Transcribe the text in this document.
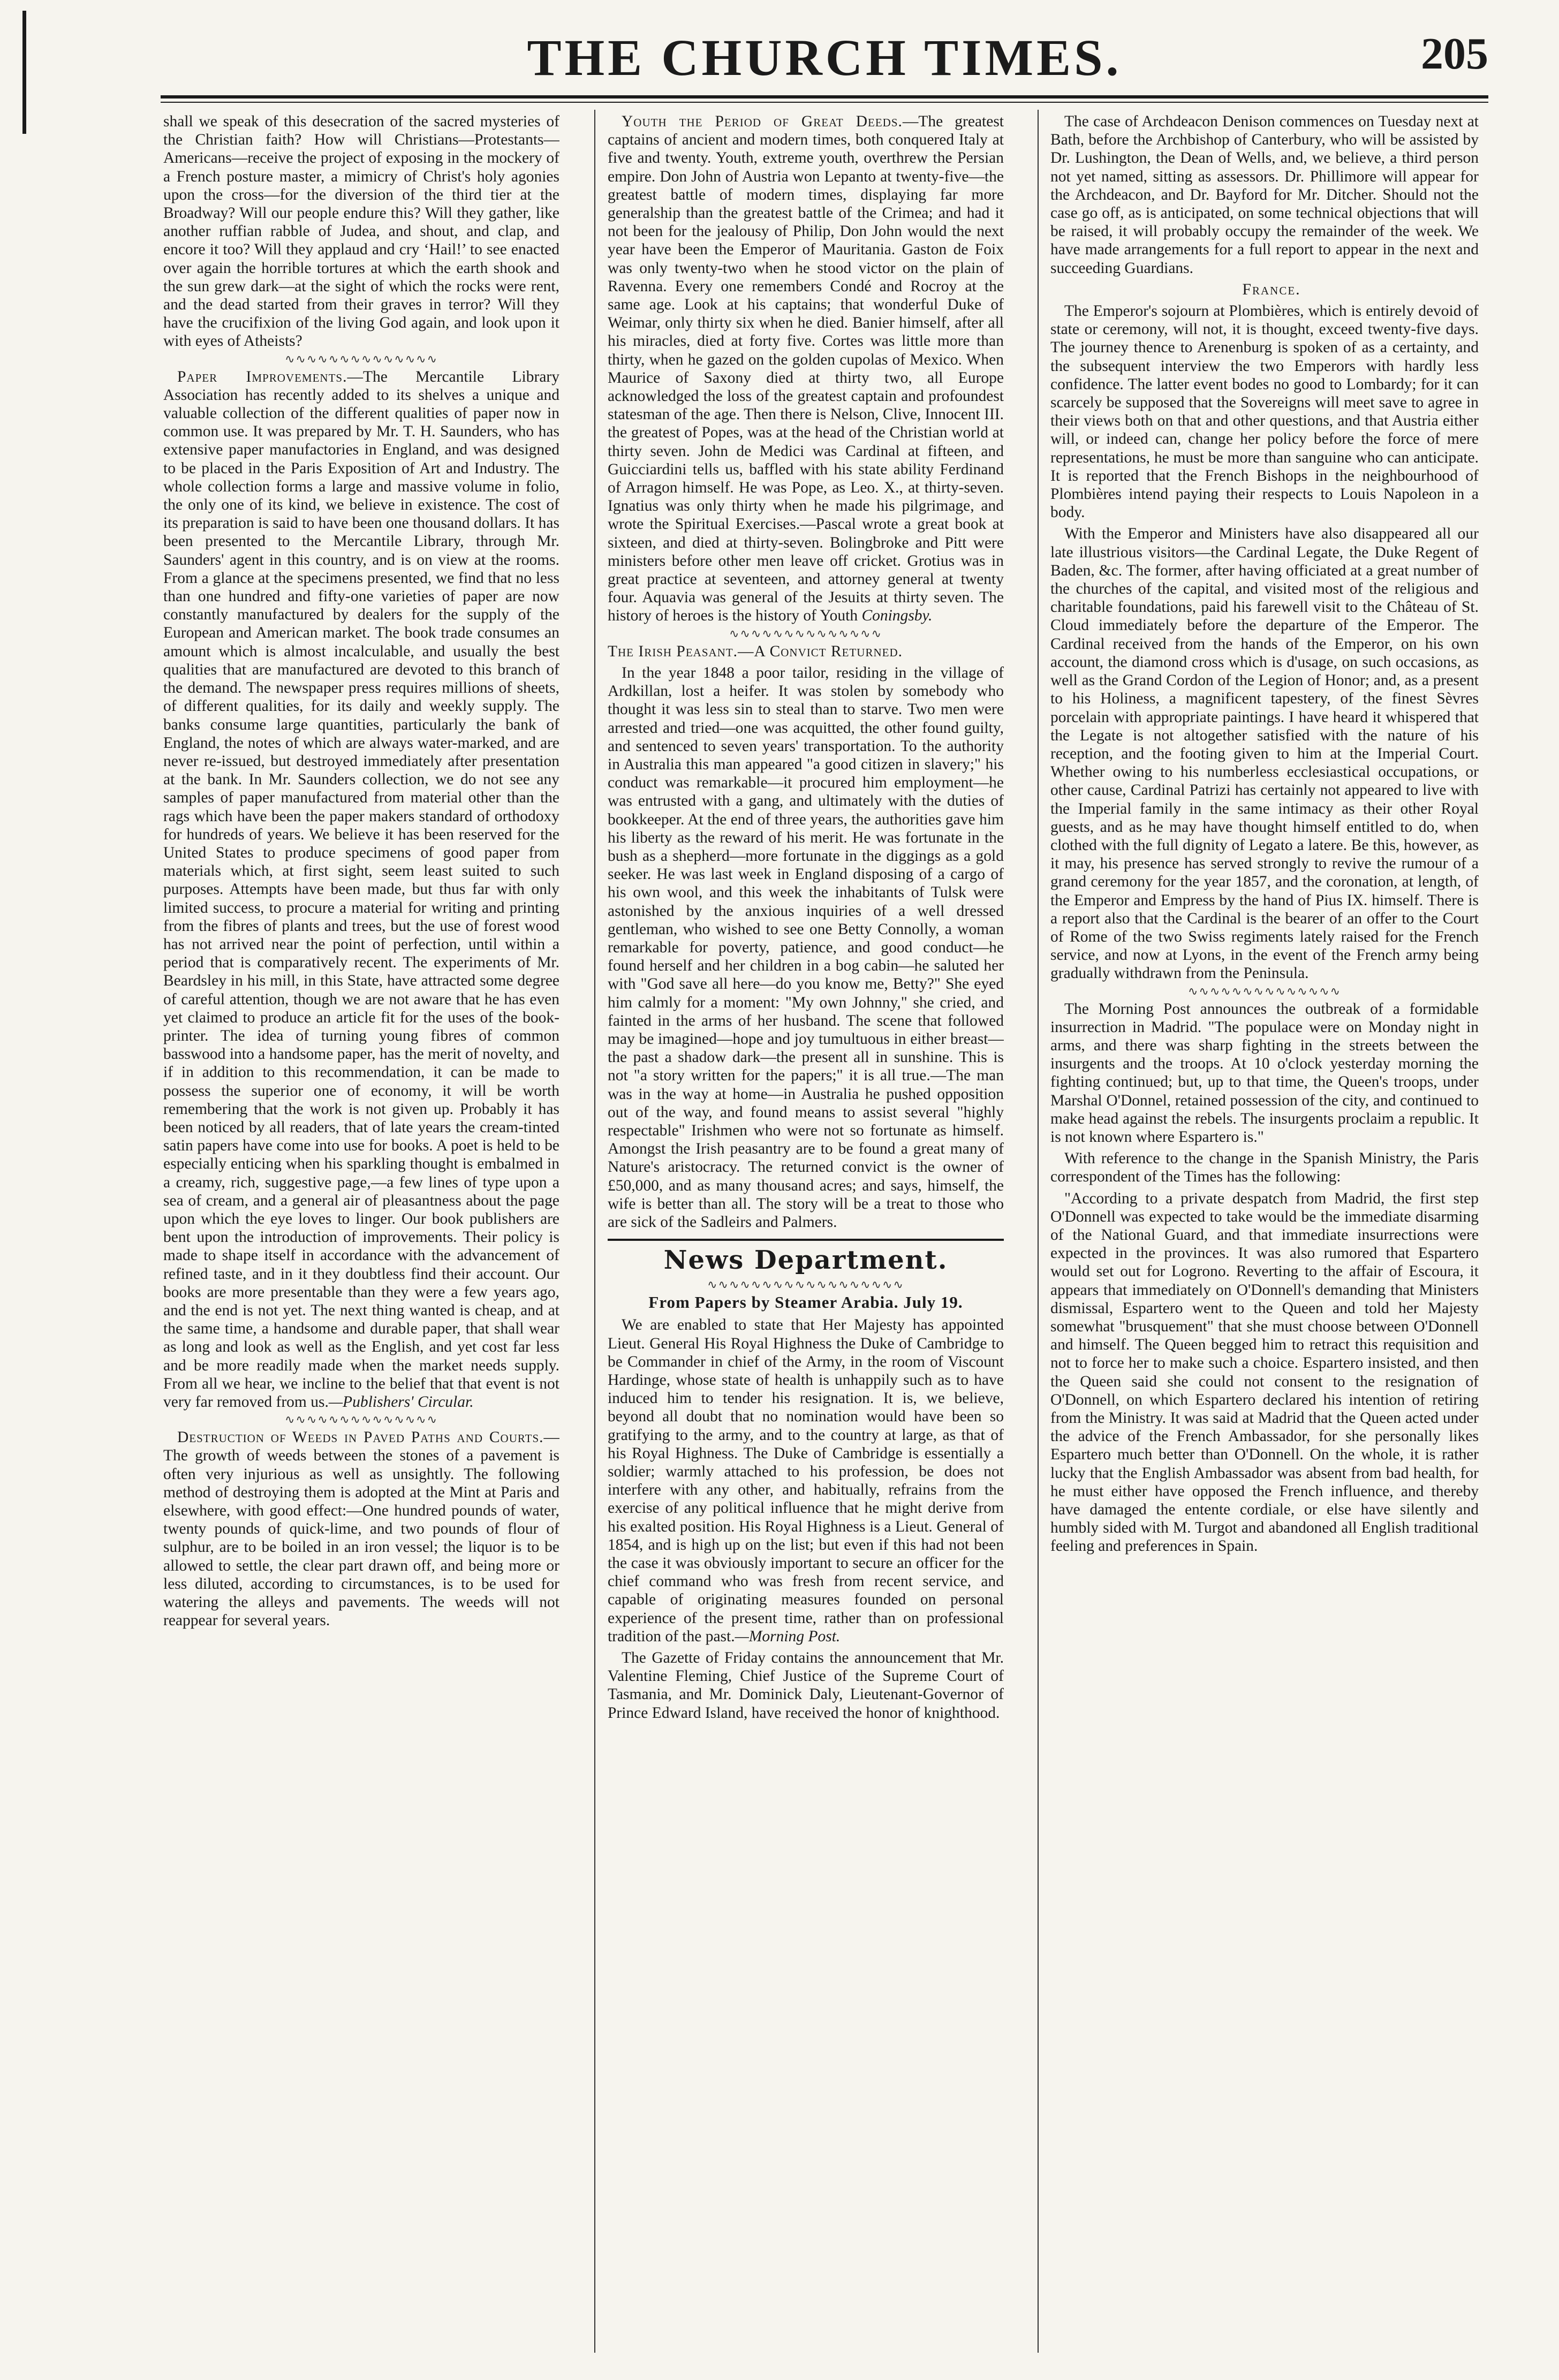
THE CHURCH TIMES.	205

shall we speak of this desecration of the sacred mysteries of the Christian faith? How will Christians—Protestants—Americans—receive the project of exposing in the mockery of a French posture master, a mimicry of Christ's holy agonies upon the cross—for the diversion of the third tier at the Broadway? Will our people endure this? Will they gather, like another ruffian rabble of Judea, and shout, and clap, and encore it too? Will they applaud and cry ‘Hail!’ to see enacted over again the horrible tortures at which the earth shook and the sun grew dark—at the sight of which the rocks were rent, and the dead started from their graves in terror? Will they have the crucifixion of the living God again, and look upon it with eyes of Atheists?

∿∿∿∿∿∿∿∿∿∿∿∿∿∿

Paper Improvements.—The Mercantile Library Association has recently added to its shelves a unique and valuable collection of the different qualities of paper now in common use. It was prepared by Mr. T. H. Saunders, who has extensive paper manufactories in England, and was designed to be placed in the Paris Exposition of Art and Industry. The whole collection forms a large and massive volume in folio, the only one of its kind, we believe in existence. The cost of its preparation is said to have been one thousand dollars. It has been presented to the Mercantile Library, through Mr. Saunders' agent in this country, and is on view at the rooms. From a glance at the specimens presented, we find that no less than one hundred and fifty-one varieties of paper are now constantly manufactured by dealers for the supply of the European and American market. The book trade consumes an amount which is almost incalculable, and usually the best qualities that are manufactured are devoted to this branch of the demand. The newspaper press requires millions of sheets, of different qualities, for its daily and weekly supply. The banks consume large quantities, particularly the bank of England, the notes of which are always water-marked, and are never re-issued, but destroyed immediately after presentation at the bank. In Mr. Saunders collection, we do not see any samples of paper manufactured from material other than the rags which have been the paper makers standard of orthodoxy for hundreds of years. We believe it has been reserved for the United States to produce specimens of good paper from materials which, at first sight, seem least suited to such purposes. Attempts have been made, but thus far with only limited success, to procure a material for writing and printing from the fibres of plants and trees, but the use of forest wood has not arrived near the point of perfection, until within a period that is comparatively recent. The experiments of Mr. Beardsley in his mill, in this State, have attracted some degree of careful attention, though we are not aware that he has even yet claimed to produce an article fit for the uses of the book-printer. The idea of turning young fibres of common basswood into a handsome paper, has the merit of novelty, and if in addition to this recommendation, it can be made to possess the superior one of economy, it will be worth remembering that the work is not given up. Probably it has been noticed by all readers, that of late years the cream-tinted satin papers have come into use for books. A poet is held to be especially enticing when his sparkling thought is embalmed in a creamy, rich, suggestive page,—a few lines of type upon a sea of cream, and a general air of pleasantness about the page upon which the eye loves to linger. Our book publishers are bent upon the introduction of improvements. Their policy is made to shape itself in accordance with the advancement of refined taste, and in it they doubtless find their account. Our books are more presentable than they were a few years ago, and the end is not yet. The next thing wanted is cheap, and at the same time, a handsome and durable paper, that shall wear as long and look as well as the English, and yet cost far less and be more readily made when the market needs supply. From all we hear, we incline to the belief that that event is not very far removed from us.—Publishers' Circular.

∿∿∿∿∿∿∿∿∿∿∿∿∿∿

Destruction of Weeds in Paved Paths and Courts.—The growth of weeds between the stones of a pavement is often very injurious as well as unsightly. The following method of destroying them is adopted at the Mint at Paris and elsewhere, with good effect:—One hundred pounds of water, twenty pounds of quick-lime, and two pounds of flour of sulphur, are to be boiled in an iron vessel; the liquor is to be allowed to settle, the clear part drawn off, and being more or less diluted, according to circumstances, is to be used for watering the alleys and pavements. The weeds will not reappear for several years.

Youth the Period of Great Deeds.—The greatest captains of ancient and modern times, both conquered Italy at five and twenty. Youth, extreme youth, overthrew the Persian empire. Don John of Austria won Lepanto at twenty-five—the greatest battle of modern times, displaying far more generalship than the greatest battle of the Crimea; and had it not been for the jealousy of Philip, Don John would the next year have been the Emperor of Mauritania. Gaston de Foix was only twenty-two when he stood victor on the plain of Ravenna. Every one remembers Condé and Rocroy at the same age. Look at his captains; that wonderful Duke of Weimar, only thirty six when he died. Banier himself, after all his miracles, died at forty five. Cortes was little more than thirty, when he gazed on the golden cupolas of Mexico. When Maurice of Saxony died at thirty two, all Europe acknowledged the loss of the greatest captain and profoundest statesman of the age. Then there is Nelson, Clive, Innocent III. the greatest of Popes, was at the head of the Christian world at thirty seven. John de Medici was Cardinal at fifteen, and Guicciardini tells us, baffled with his state ability Ferdinand of Arragon himself. He was Pope, as Leo. X., at thirty-seven. Ignatius was only thirty when he made his pilgrimage, and wrote the Spiritual Exercises.—Pascal wrote a great book at sixteen, and died at thirty-seven. Bolingbroke and Pitt were ministers before other men leave off cricket. Grotius was in great practice at seventeen, and attorney general at twenty four. Aquavia was general of the Jesuits at thirty seven. The history of heroes is the history of Youth Coningsby.

∿∿∿∿∿∿∿∿∿∿∿∿∿∿

The Irish Peasant.—A Convict Returned.

In the year 1848 a poor tailor, residing in the village of Ardkillan, lost a heifer. It was stolen by somebody who thought it was less sin to steal than to starve. Two men were arrested and tried—one was acquitted, the other found guilty, and sentenced to seven years' transportation. To the authority in Australia this man appeared "a good citizen in slavery;" his conduct was remarkable—it procured him employment—he was entrusted with a gang, and ultimately with the duties of bookkeeper. At the end of three years, the authorities gave him his liberty as the reward of his merit. He was fortunate in the bush as a shepherd—more fortunate in the diggings as a gold seeker. He was last week in England disposing of a cargo of his own wool, and this week the inhabitants of Tulsk were astonished by the anxious inquiries of a well dressed gentleman, who wished to see one Betty Connolly, a woman remarkable for poverty, patience, and good conduct—he found herself and her children in a bog cabin—he saluted her with "God save all here—do you know me, Betty?" She eyed him calmly for a moment: "My own Johnny," she cried, and fainted in the arms of her husband. The scene that followed may be imagined—hope and joy tumultuous in either breast—the past a shadow dark—the present all in sunshine. This is not "a story written for the papers;" it is all true.—The man was in the way at home—in Australia he pushed opposition out of the way, and found means to assist several "highly respectable" Irishmen who were not so fortunate as himself. Amongst the Irish peasantry are to be found a great many of Nature's aristocracy. The returned convict is the owner of £50,000, and as many thousand acres; and says, himself, the wife is better than all. The story will be a treat to those who are sick of the Sadleirs and Palmers.

News Department.
∿∿∿∿∿∿∿∿∿∿∿∿∿∿∿∿∿∿
From Papers by Steamer Arabia. July 19.

We are enabled to state that Her Majesty has appointed Lieut. General His Royal Highness the Duke of Cambridge to be Commander in chief of the Army, in the room of Viscount Hardinge, whose state of health is unhappily such as to have induced him to tender his resignation. It is, we believe, beyond all doubt that no nomination would have been so gratifying to the army, and to the country at large, as that of his Royal Highness. The Duke of Cambridge is essentially a soldier; warmly attached to his profession, be does not interfere with any other, and habitually, refrains from the exercise of any political influence that he might derive from his exalted position. His Royal Highness is a Lieut. General of 1854, and is high up on the list; but even if this had not been the case it was obviously important to secure an officer for the chief command who was fresh from recent service, and capable of originating measures founded on personal experience of the present time, rather than on professional tradition of the past.—Morning Post.

The Gazette of Friday contains the announcement that Mr. Valentine Fleming, Chief Justice of the Supreme Court of Tasmania, and Mr. Dominick Daly, Lieutenant-Governor of Prince Edward Island, have received the honor of knighthood.

The case of Archdeacon Denison commences on Tuesday next at Bath, before the Archbishop of Canterbury, who will be assisted by Dr. Lushington, the Dean of Wells, and, we believe, a third person not yet named, sitting as assessors. Dr. Phillimore will appear for the Archdeacon, and Dr. Bayford for Mr. Ditcher. Should not the case go off, as is anticipated, on some technical objections that will be raised, it will probably occupy the remainder of the week. We have made arrangements for a full report to appear in the next and succeeding Guardians.

France.

The Emperor's sojourn at Plombières, which is entirely devoid of state or ceremony, will not, it is thought, exceed twenty-five days. The journey thence to Arenenburg is spoken of as a certainty, and the subsequent interview the two Emperors with hardly less confidence. The latter event bodes no good to Lombardy; for it can scarcely be supposed that the Sovereigns will meet save to agree in their views both on that and other questions, and that Austria either will, or indeed can, change her policy before the force of mere representations, he must be more than sanguine who can anticipate. It is reported that the French Bishops in the neighbourhood of Plombières intend paying their respects to Louis Napoleon in a body.

With the Emperor and Ministers have also disappeared all our late illustrious visitors—the Cardinal Legate, the Duke Regent of Baden, &c. The former, after having officiated at a great number of the churches of the capital, and visited most of the religious and charitable foundations, paid his farewell visit to the Château of St. Cloud immediately before the departure of the Emperor. The Cardinal received from the hands of the Emperor, on his own account, the diamond cross which is d'usage, on such occasions, as well as the Grand Cordon of the Legion of Honor; and, as a present to his Holiness, a magnificent tapestery, of the finest Sèvres porcelain with appropriate paintings. I have heard it whispered that the Legate is not altogether satisfied with the nature of his reception, and the footing given to him at the Imperial Court. Whether owing to his numberless ecclesiastical occupations, or other cause, Cardinal Patrizi has certainly not appeared to live with the Imperial family in the same intimacy as their other Royal guests, and as he may have thought himself entitled to do, when clothed with the full dignity of Legato a latere. Be this, however, as it may, his presence has served strongly to revive the rumour of a grand ceremony for the year 1857, and the coronation, at length, of the Emperor and Empress by the hand of Pius IX. himself. There is a report also that the Cardinal is the bearer of an offer to the Court of Rome of the two Swiss regiments lately raised for the French service, and now at Lyons, in the event of the French army being gradually withdrawn from the Peninsula.

∿∿∿∿∿∿∿∿∿∿∿∿∿∿

The Morning Post announces the outbreak of a formidable insurrection in Madrid. "The populace were on Monday night in arms, and there was sharp fighting in the streets between the insurgents and the troops. At 10 o'clock yesterday morning the fighting continued; but, up to that time, the Queen's troops, under Marshal O'Donnel, retained possession of the city, and continued to make head against the rebels. The insurgents proclaim a republic. It is not known where Espartero is."

With reference to the change in the Spanish Ministry, the Paris correspondent of the Times has the following:

"According to a private despatch from Madrid, the first step O'Donnell was expected to take would be the immediate disarming of the National Guard, and that immediate insurrections were expected in the provinces. It was also rumored that Espartero would set out for Logrono. Reverting to the affair of Escoura, it appears that immediately on O'Donnell's demanding that Ministers dismissal, Espartero went to the Queen and told her Majesty somewhat "brusquement" that she must choose between O'Donnell and himself. The Queen begged him to retract this requisition and not to force her to make such a choice. Espartero insisted, and then the Queen said she could not consent to the resignation of O'Donnell, on which Espartero declared his intention of retiring from the Ministry. It was said at Madrid that the Queen acted under the advice of the French Ambassador, for she personally likes Espartero much better than O'Donnell. On the whole, it is rather lucky that the English Ambassador was absent from bad health, for he must either have opposed the French influence, and thereby have damaged the entente cordiale, or else have silently and humbly sided with M. Turgot and abandoned all English traditional feeling and preferences in Spain.
